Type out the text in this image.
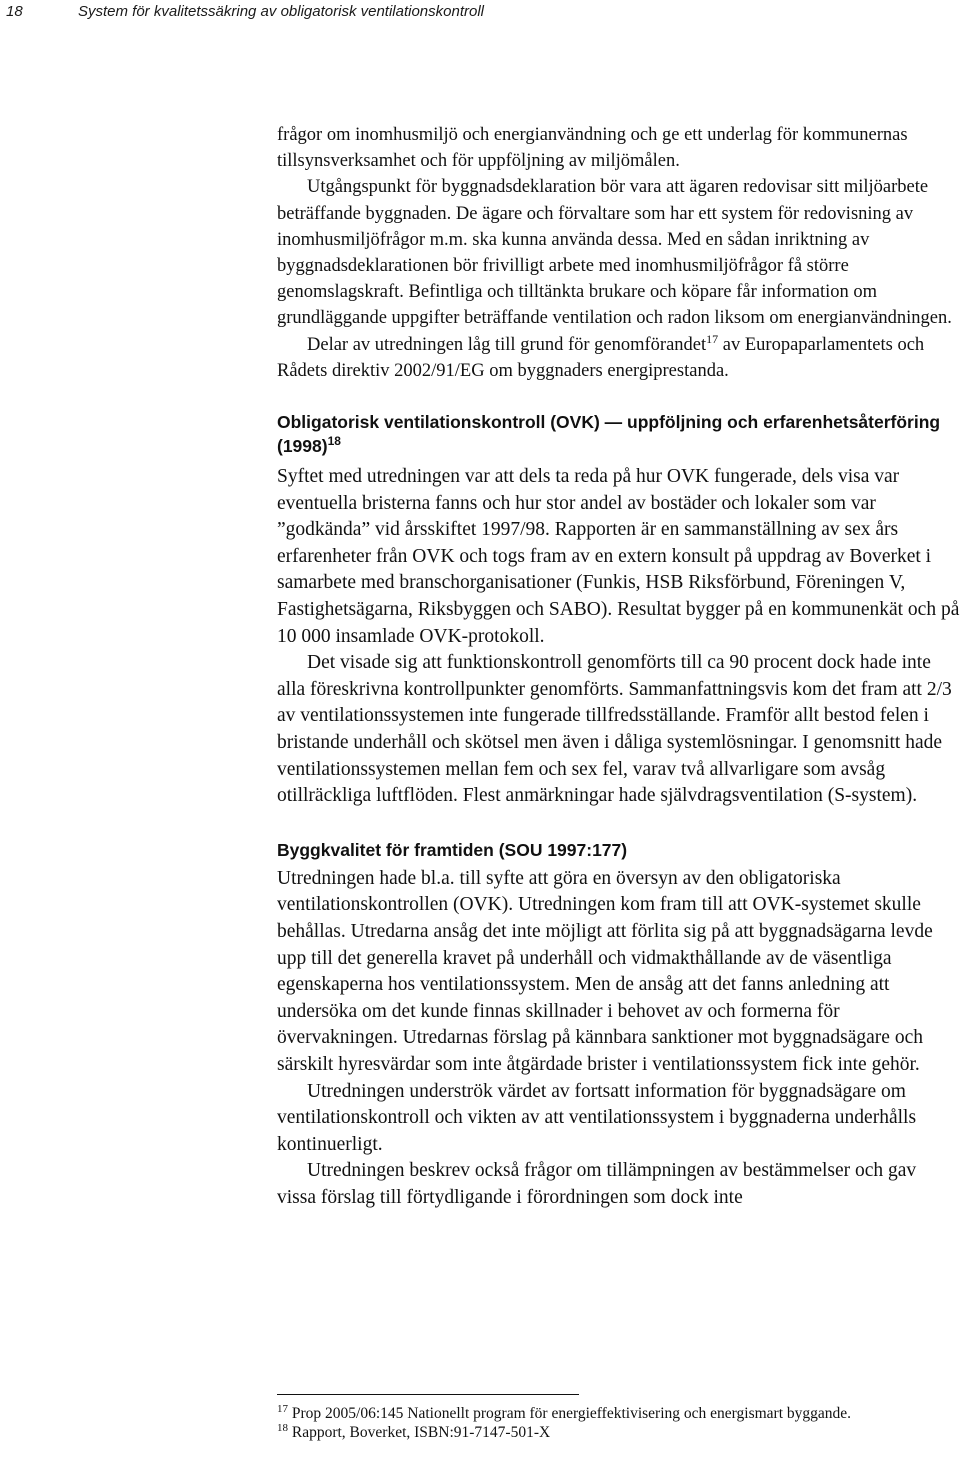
18	System för kvalitetssäkring av obligatorisk ventilationskontroll

frågor om inomhusmiljö och energianvändning och ge ett underlag för kommunernas tillsynsverksamhet och för uppföljning av miljömålen.

Utgångspunkt för byggnadsdeklaration bör vara att ägaren redovisar sitt miljöarbete beträffande byggnaden. De ägare och förvaltare som har ett system för redovisning av inomhusmiljöfrågor m.m. ska kunna använda dessa. Med en sådan inriktning av byggnadsdeklarationen bör frivilligt arbete med inomhusmiljöfrågor få större genomslagskraft. Befintliga och tilltänkta brukare och köpare får information om grundläggande uppgifter beträffande ventilation och radon liksom om energianvändningen.

Delar av utredningen låg till grund för genomförandet$^{17}$ av Europaparlamentets och Rådets direktiv 2002/91/EG om byggnaders energiprestanda.

Obligatorisk ventilationskontroll (OVK) — uppföljning och erfarenhetsåterföring $(1998)^{18}$

Syftet med utredningen var att dels ta reda på hur OVK fungerade, dels visa var eventuella bristerna fanns och hur stor andel av bostäder och lokaler som var ”godkända” vid årsskiftet 1997/98. Rapporten är en sammanställning av sex års erfarenheter från OVK och togs fram av en extern konsult på uppdrag av Boverket i samarbete med branschorganisationer (Funkis, HSB Riksförbund, Föreningen V, Fastighetsägarna, Riksbyggen och SABO). Resultat bygger på en kommunenkät och på 10 000 insamlade OVK-protokoll.

Det visade sig att funktionskontroll genomförts till ca 90 procent dock hade inte alla föreskrivna kontrollpunkter genomförts. Sammanfattningsvis kom det fram att 2/3 av ventilationssystemen inte fungerade tillfredsställande. Framför allt bestod felen i bristande underhåll och skötsel men även i dåliga systemlösningar. I genomsnitt hade ventilationssystemen mellan fem och sex fel, varav två allvarligare som avsåg otillräckliga luftflöden. Flest anmärkningar hade självdragsventilation (S-system).

Byggkvalitet för framtiden (SOU 1997:177)

Utredningen hade bl.a. till syfte att göra en översyn av den obligatoriska ventilationskontrollen (OVK). Utredningen kom fram till att OVK-systemet skulle behållas. Utredarna ansåg det inte möjligt att förlita sig på att byggnadsägarna levde upp till det generella kravet på underhåll och vidmakthållande av de väsentliga egenskaperna hos ventilationssystem. Men de ansåg att det fanns anledning att undersöka om det kunde finnas skillnader i behovet av och formerna för övervakningen. Utredarnas förslag på kännbara sanktioner mot byggnadsägare och särskilt hyresvärdar som inte åtgärdade brister i ventilationssystem fick inte gehör.

Utredningen underströk värdet av fortsatt information för byggnadsägare om ventilationskontroll och vikten av att ventilationssystem i byggnaderna underhålls kontinuerligt.

Utredningen beskrev också frågor om tillämpningen av bestämmelser och gav vissa förslag till förtydligande i förordningen som dock inte

$^{17}$ Prop 2005/06:145 Nationellt program för energieffektivisering och energismart byggande.

$^{18}$ Rapport, Boverket, ISBN:91-7147-501-X
